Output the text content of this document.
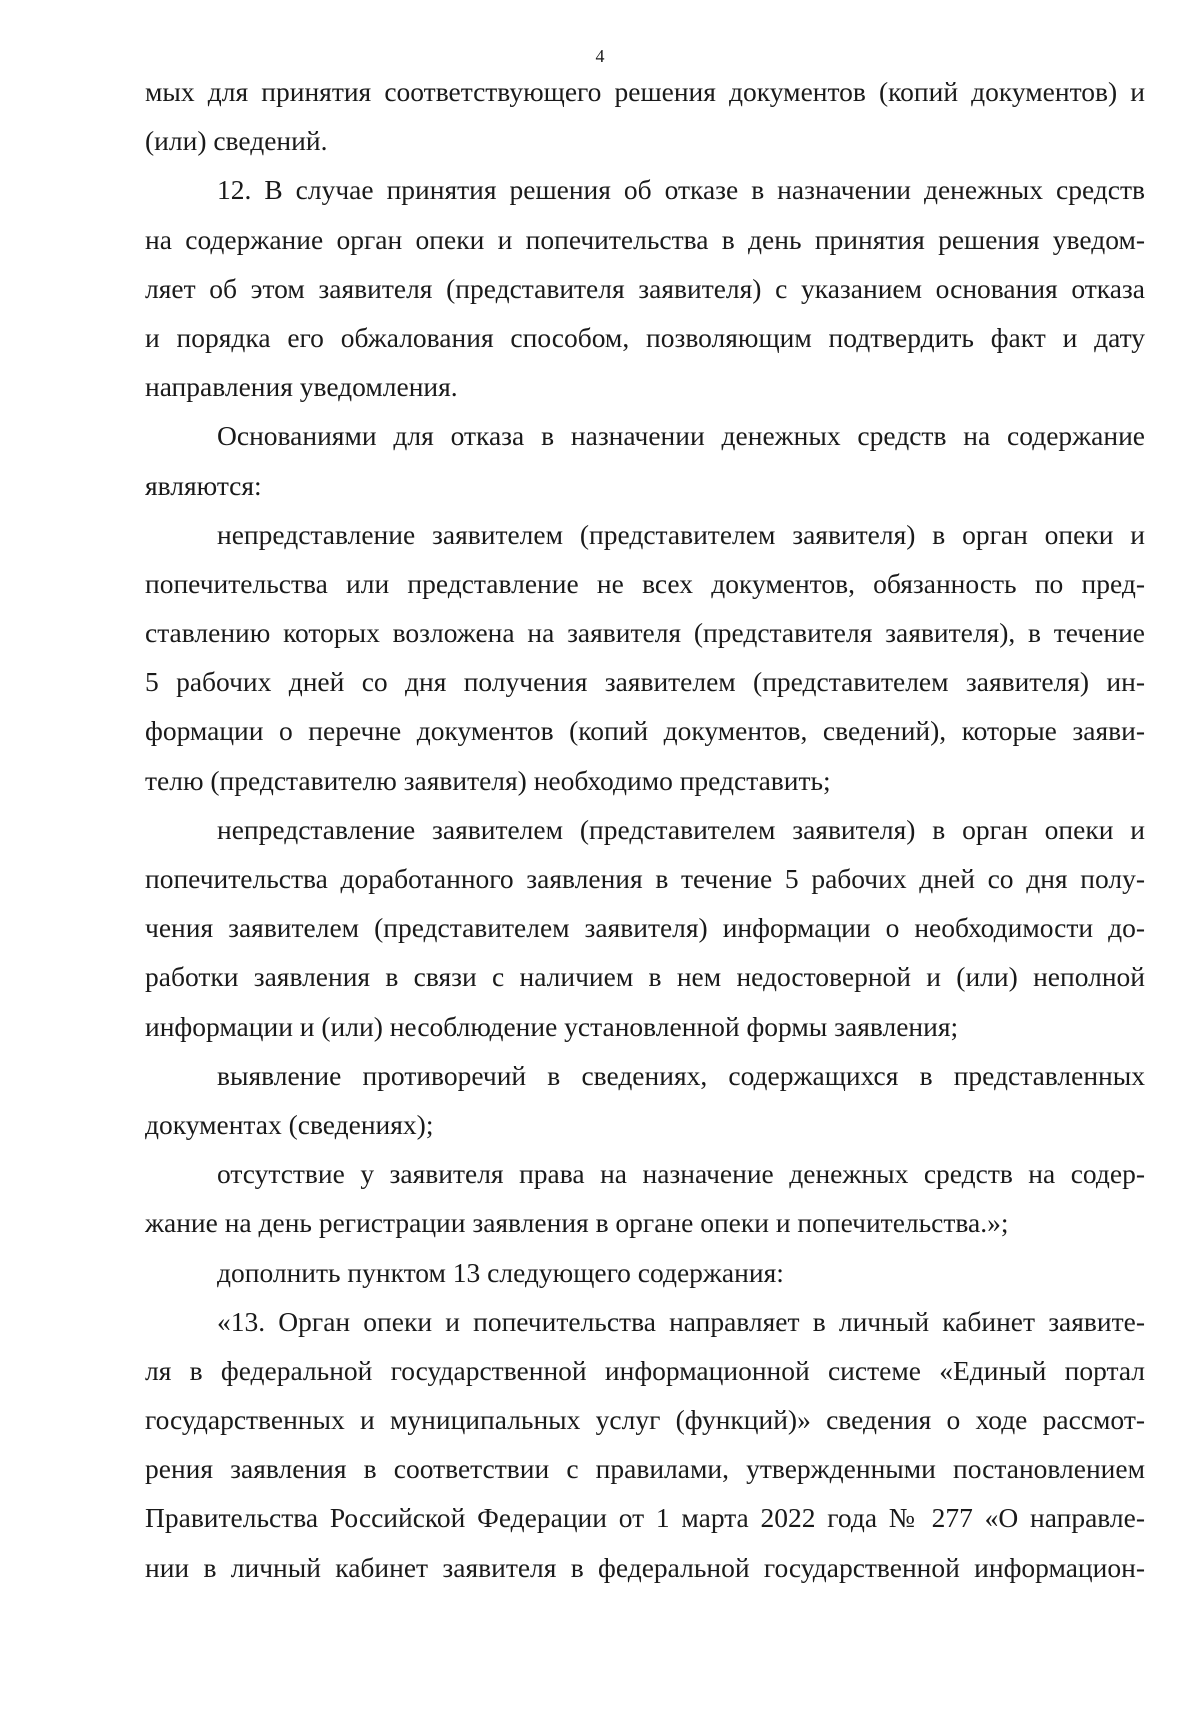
4
мых для принятия соответствующего решения документов (копий документов) и
(или) сведений.
12. В случае принятия решения об отказе в назначении денежных средств
на содержание орган опеки и попечительства в день принятия решения уведом-
ляет об этом заявителя (представителя заявителя) с указанием основания отказа
и порядка его обжалования способом, позволяющим подтвердить факт и дату
направления уведомления.
Основаниями для отказа в назначении денежных средств на содержание
являются:
непредставление заявителем (представителем заявителя) в орган опеки и
попечительства или представление не всех документов, обязанность по пред-
ставлению которых возложена на заявителя (представителя заявителя), в течение
5 рабочих дней со дня получения заявителем (представителем заявителя) ин-
формации о перечне документов (копий документов, сведений), которые заяви-
телю (представителю заявителя) необходимо представить;
непредставление заявителем (представителем заявителя) в орган опеки и
попечительства доработанного заявления в течение 5 рабочих дней со дня полу-
чения заявителем (представителем заявителя) информации о необходимости до-
работки заявления в связи с наличием в нем недостоверной и (или) неполной
информации и (или) несоблюдение установленной формы заявления;
выявление противоречий в сведениях, содержащихся в представленных
документах (сведениях);
отсутствие у заявителя права на назначение денежных средств на содер-
жание на день регистрации заявления в органе опеки и попечительства.»;
дополнить пунктом 13 следующего содержания:
«13. Орган опеки и попечительства направляет в личный кабинет заявите-
ля в федеральной государственной информационной системе «Единый портал
государственных и муниципальных услуг (функций)» сведения о ходе рассмот-
рения заявления в соответствии с правилами, утвержденными постановлением
Правительства Российской Федерации от 1 марта 2022 года № 277 «О направле-
нии в личный кабинет заявителя в федеральной государственной информацион-
